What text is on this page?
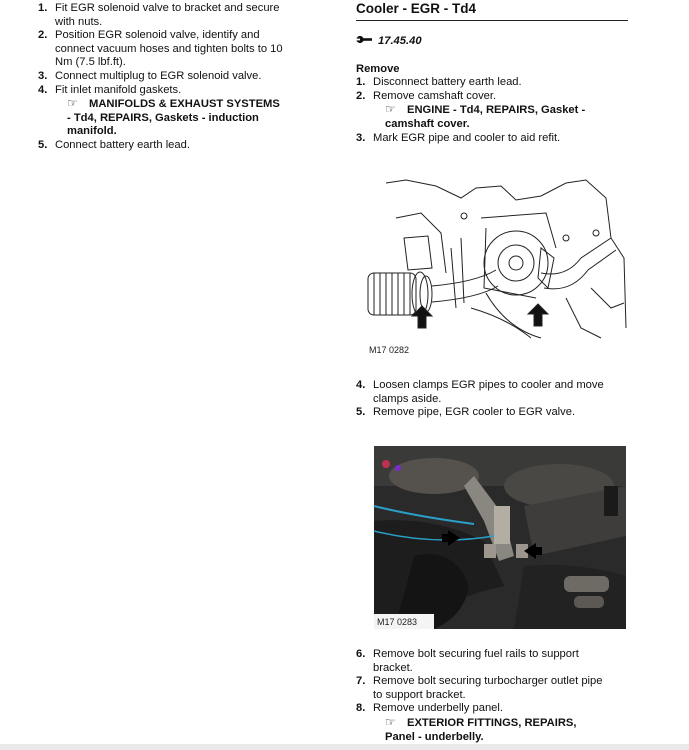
1. Fit EGR solenoid valve to bracket and secure
with nuts.
2. Position EGR solenoid valve, identify and
connect vacuum hoses and tighten bolts to 10
Nm (7.5 lbf.ft).
3. Connect multiplug to EGR solenoid valve.
4. Fit inlet manifold gaskets.
☞ MANIFOLDS & EXHAUST SYSTEMS
- Td4, REPAIRS, Gaskets - induction
manifold.
5. Connect battery earth lead.
Cooler - EGR - Td4
17.45.40
Remove
1. Disconnect battery earth lead.
2. Remove camshaft cover.
☞ ENGINE - Td4, REPAIRS, Gasket -
camshaft cover.
3. Mark EGR pipe and cooler to aid refit.
M17 0282
4. Loosen clamps EGR pipes to cooler and move
clamps aside.
5. Remove pipe, EGR cooler to EGR valve.
M17 0283
6. Remove bolt securing fuel rails to support
bracket.
7. Remove bolt securing turbocharger outlet pipe
to support bracket.
8. Remove underbelly panel.
☞ EXTERIOR FITTINGS, REPAIRS,
Panel - underbelly.
